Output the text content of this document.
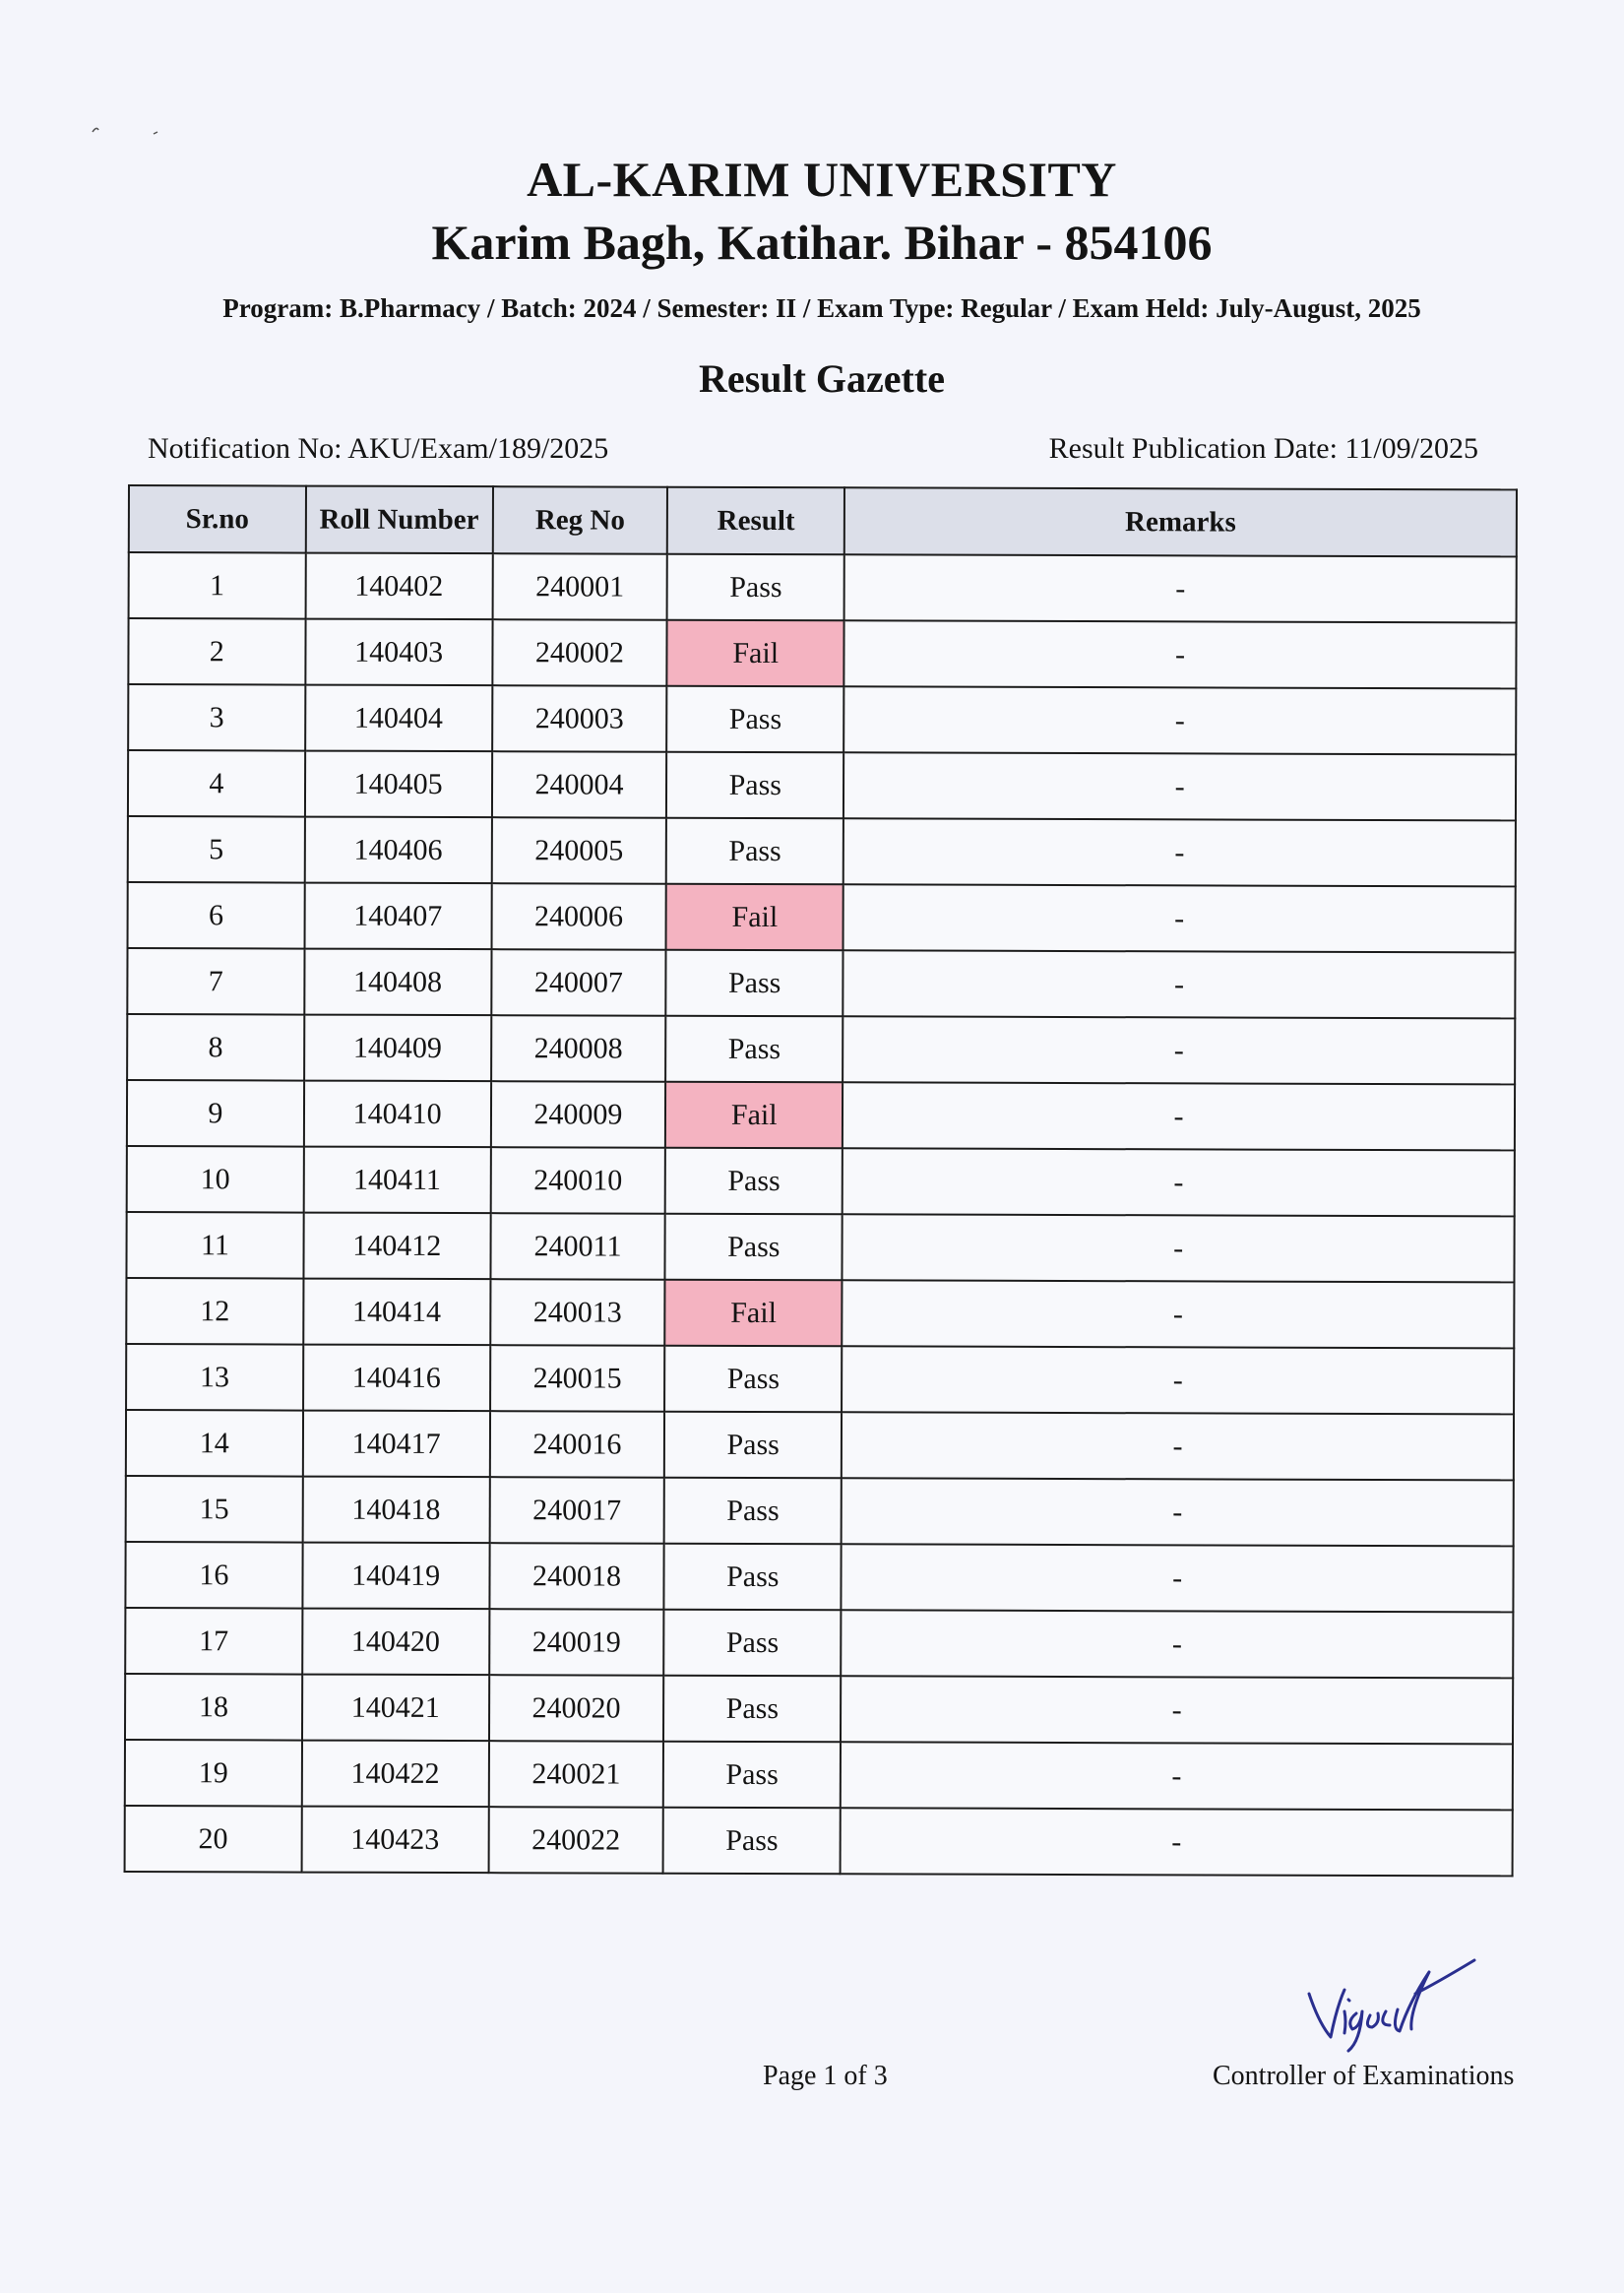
AL-KARIM UNIVERSITY
Karim Bagh, Katihar. Bihar - 854106
Program: B.Pharmacy / Batch: 2024 / Semester: II / Exam Type: Regular / Exam Held: July-August, 2025
Result Gazette
Notification No: AKU/Exam/189/2025	Result Publication Date: 11/09/2025
Sr.no	Roll Number	Reg No	Result	Remarks
1	140402	240001	Pass	-
2	140403	240002	Fail	-
3	140404	240003	Pass	-
4	140405	240004	Pass	-
5	140406	240005	Pass	-
6	140407	240006	Fail	-
7	140408	240007	Pass	-
8	140409	240008	Pass	-
9	140410	240009	Fail	-
10	140411	240010	Pass	-
11	140412	240011	Pass	-
12	140414	240013	Fail	-
13	140416	240015	Pass	-
14	140417	240016	Pass	-
15	140418	240017	Pass	-
16	140419	240018	Pass	-
17	140420	240019	Pass	-
18	140421	240020	Pass	-
19	140422	240021	Pass	-
20	140423	240022	Pass	-
Page 1 of 3	Controller of Examinations
